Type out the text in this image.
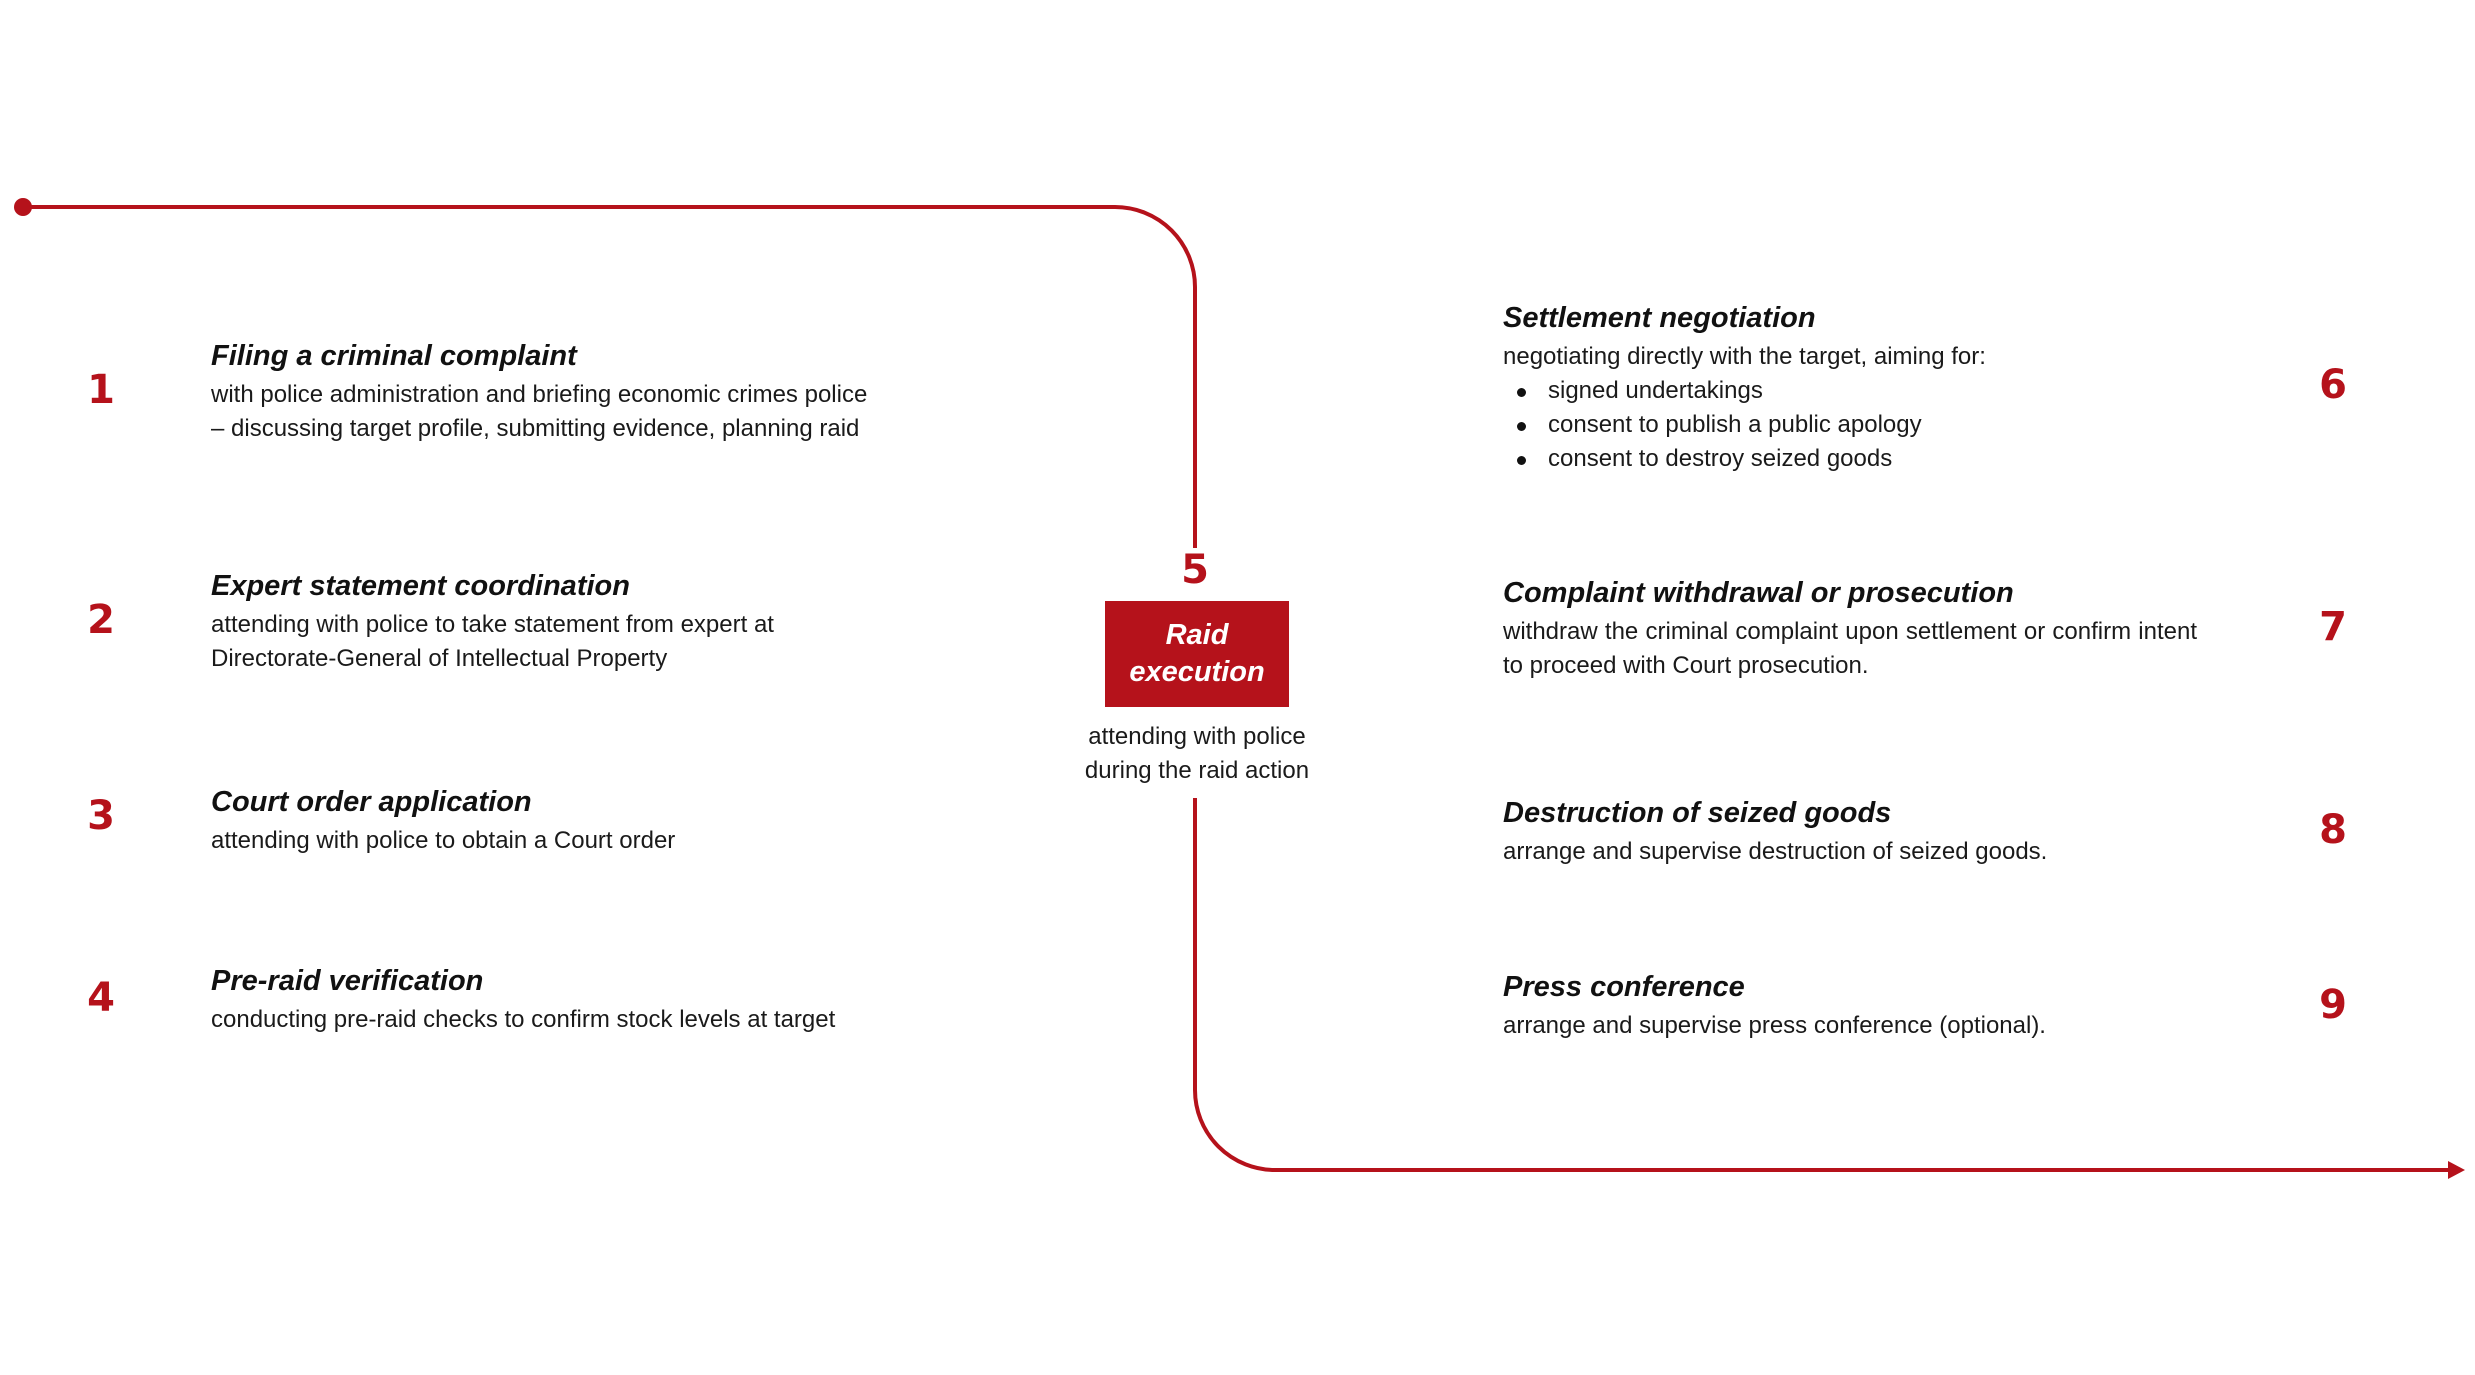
1
Filing a criminal complaint
with police administration and briefing economic crimes police
– discussing target profile, submitting evidence, planning raid
2
Expert statement coordination
attending with police to take statement from expert at
Directorate-General of Intellectual Property
3	Court order application
attending with police to obtain a Court order
4	Pre-raid verification
conducting pre-raid checks to confirm stock levels at target
5
Raid
execution
attending with police
during the raid action
Settlement negotiation
negotiating directly with the target, aiming for:
signed undertakings
consent to publish a public apology
consent to destroy seized goods
6
Complaint withdrawal or prosecution
withdraw the criminal complaint upon settlement or confirm intent to proceed with Court prosecution.
7
Destruction of seized goods
arrange and supervise destruction of seized goods.	8
Press conference
arrange and supervise press conference (optional).	9
